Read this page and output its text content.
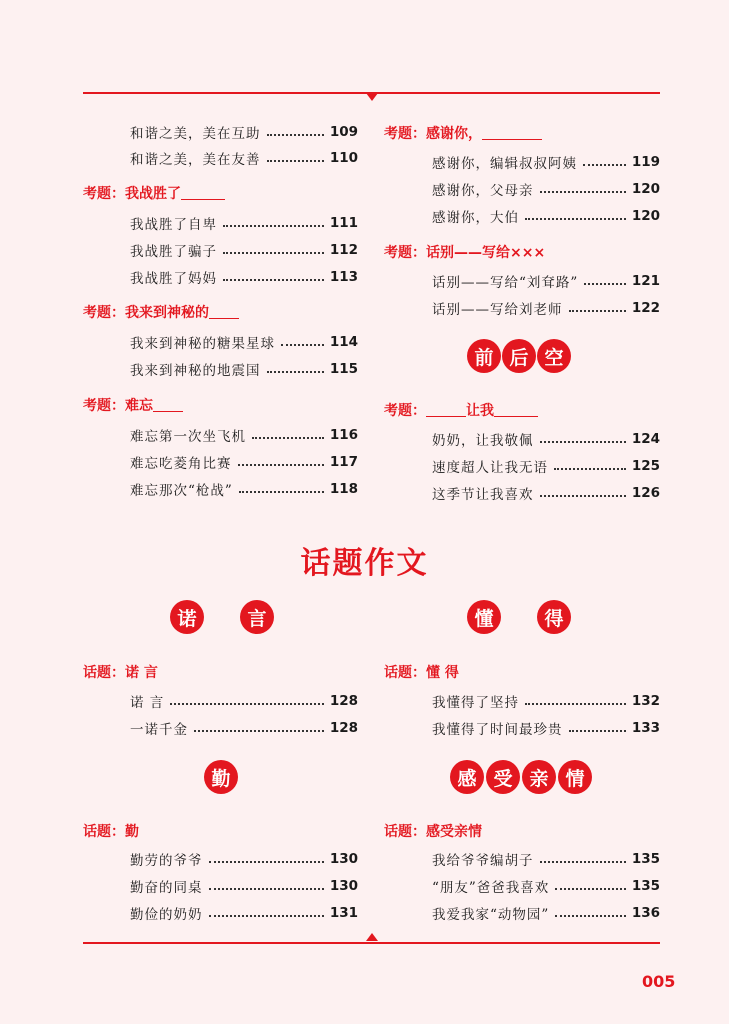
和谐之美，美在互助	109
和谐之美，美在友善	110
考题：我战胜了
我战胜了自卑	111
我战胜了骗子	112
我战胜了妈妈	113
考题：我来到神秘的
我来到神秘的糖果星球	114
我来到神秘的地震国	115
考题：难忘
难忘第一次坐飞机	116
难忘吃菱角比赛	117
难忘那次“枪战”	118
考题：感谢你，
感谢你，编辑叔叔阿姨	119
感谢你，父母亲	120
感谢你，大伯	120
考题：话别——写给×××
话别——写给“刘耷路”	121
话别——写给刘老师	122
前 后 空
考题：	让我
奶奶，让我敬佩	124
速度超人让我无语	125
这季节让我喜欢	126
话题作文
诺	言
话题：诺 言
诺 言	128
一诺千金	128
懂	得
话题：懂 得
我懂得了坚持	132
我懂得了时间最珍贵	133
勤
话题：勤
勤劳的爷爷	130
勤奋的同桌	130
勤俭的奶奶	131
感 受 亲 情
话题：感受亲情
我给爷爷编胡子	135
“朋友”爸爸我喜欢	135
我爱我家“动物园”	136
005
